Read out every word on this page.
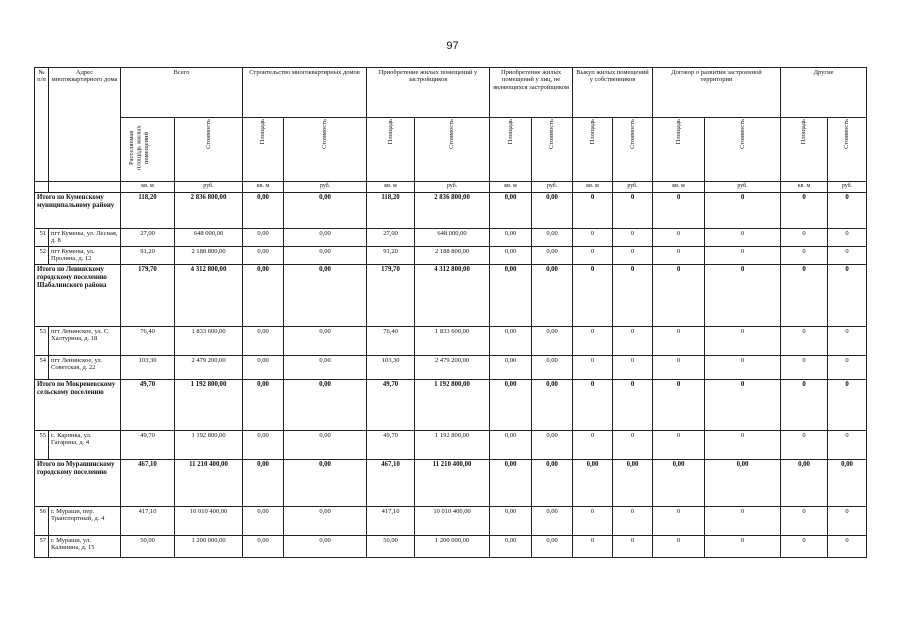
97
№ п/п	Адрес многоквартирного дома	Всего		Строительство многоквартирных домов		Приобретение жилых помещений у застройщиков		Приобретение жилых помещений у лиц, не являющихся застройщиком		Выкуп жилых помещений у собственников		Договор о развитии застроенной территории		Другие	

		Расселяемая площадь жилых помещений	Стоимость	Площадь	Стоимость	Площадь	Стоимость	Площадь	Стоимость	Площадь	Стоимость	Площадь	Стоимость	Площадь	Стоимость

		кв. м	руб.	кв. м	руб.	кв. м	руб.	кв. м	руб.	кв. м	руб.	кв. м	руб.	кв. м	руб.
Итого по Куменскому муниципальному району		118,20	2 836 800,00	0,00	0,00	118,20	2 836 800,00	0,00	0,00	0	0	0	0	0	0
51	пгт Кумены, ул. Лесная, д. 8	27,00	648 000,00	0,00	0,00	27,00	648 000,00	0,00	0,00	0	0	0	0	0	0
52	пгт Кумены, ул. Пролина, д. 12	91,20	2 188 800,00	0,00	0,00	91,20	2 188 800,00	0,00	0,00	0	0	0	0	0	0
Итого по Ленинскому городскому поселению Шабалинского района		179,70	4 312 800,00	0,00	0,00	179,70	4 312 800,00	0,00	0,00	0	0	0	0	0	0
53	пгт Ленинское, ул. С. Халтурина, д. 18	76,40	1 833 600,00	0,00	0,00	76,40	1 833 600,00	0,00	0,00	0	0	0	0	0	0
54	пгт Ленинское, ул. Советская, д. 22	103,30	2 479 200,00	0,00	0,00	103,30	2 479 200,00	0,00	0,00	0	0	0	0	0	0
Итого по Мокреневскому сельскому поселению		49,70	1 192 800,00	0,00	0,00	49,70	1 192 800,00	0,00	0,00	0	0	0	0	0	0
55	с. Карпнка, ул. Гагарина, д. 4	49,70	1 192 800,00	0,00	0,00	49,70	1 192 800,00	0,00	0,00	0	0	0	0	0	0
Итого по Мурашинскому городскому поселению		467,10	11 210 400,00	0,00	0,00	467,10	11 210 400,00	0,00	0,00	0,00	0,00	0,00	0,00	0,00	0,00
56	г. Мураши, пер. Транспортный, д. 4	417,10	10 010 400,00	0,00	0,00	417,10	10 010 400,00	0,00	0,00	0	0	0	0	0	0
57	г. Мураши, ул. Калинина, д. 15	50,00	1 200 000,00	0,00	0,00	50,00	1 200 000,00	0,00	0,00	0	0	0	0	0	0
